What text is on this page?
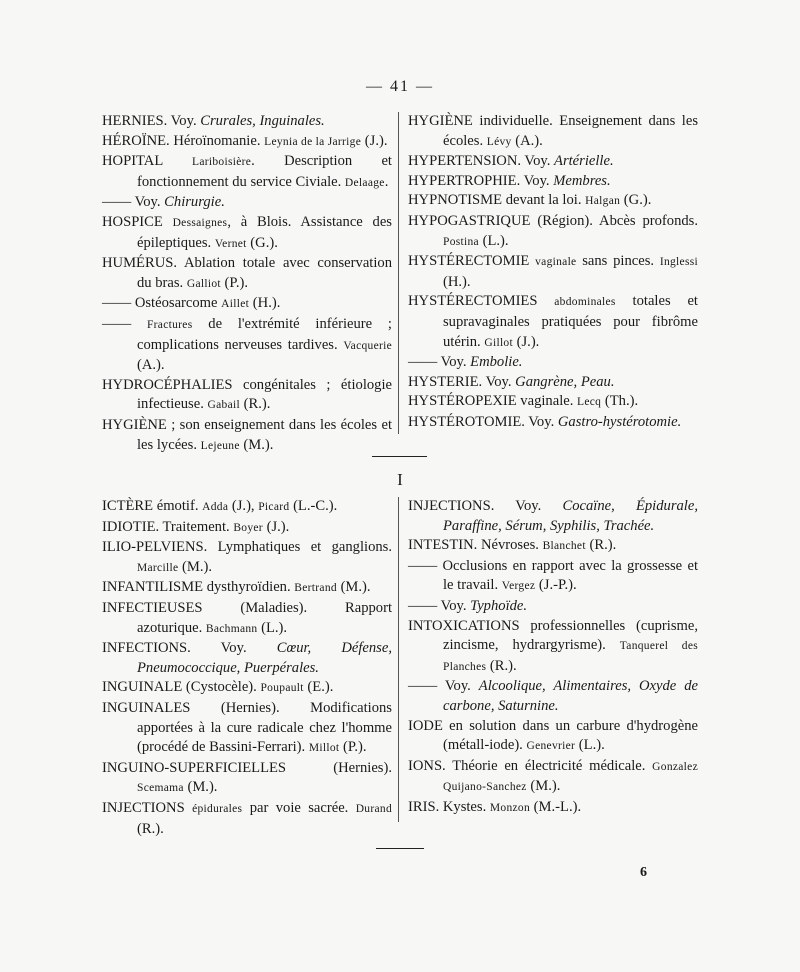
— 41 —

HERNIES. Voy. Crurales, Inguinales.

HÉROÏNE. Héroïnomanie. Leynia de la Jarrige (J.).

HOPITAL Lariboisière. Description et fonctionnement du service Civiale. Delaage.

—— Voy. Chirurgie.

HOSPICE Dessaignes, à Blois. Assistance des épileptiques. Vernet (G.).

HUMÉRUS. Ablation totale avec conservation du bras. Galliot (P.).

—— Ostéosarcome Aillet (H.).

—— Fractures de l'extrémité inférieure ; complications nerveuses tardives. Vacquerie (A.).

HYDROCÉPHALIES congénitales ; étiologie infectieuse. Gabail (R.).

HYGIÈNE ; son enseignement dans les écoles et les lycées. Lejeune (M.).

HYGIÈNE individuelle. Enseignement dans les écoles. Lévy (A.).

HYPERTENSION. Voy. Artérielle.

HYPERTROPHIE. Voy. Membres.

HYPNOTISME devant la loi. Halgan (G.).

HYPOGASTRIQUE (Région). Abcès profonds. Postina (L.).

HYSTÉRECTOMIE vaginale sans pinces. Inglessi (H.).

HYSTÉRECTOMIES abdominales totales et supravaginales pratiquées pour fibrôme utérin. Gillot (J.).

—— Voy. Embolie.

HYSTERIE. Voy. Gangrène, Peau.

HYSTÉROPEXIE vaginale. Lecq (Th.).

HYSTÉROTOMIE. Voy. Gastro-hystérotomie.

I

ICTÈRE émotif. Adda (J.), Picard (L.-C.).

IDIOTIE. Traitement. Boyer (J.).

ILIO-PELVIENS. Lymphatiques et ganglions. Marcille (M.).

INFANTILISME dysthyroïdien. Bertrand (M.).

INFECTIEUSES (Maladies). Rapport azoturique. Bachmann (L.).

INFECTIONS. Voy. Cœur, Défense, Pneumococcique, Puerpérales.

INGUINALE (Cystocèle). Poupault (E.).

INGUINALES (Hernies). Modifications apportées à la cure radicale chez l'homme (procédé de Bassini-Ferrari). Millot (P.).

INGUINO-SUPERFICIELLES (Hernies). Scemama (M.).

INJECTIONS épidurales par voie sacrée. Durand (R.).

INJECTIONS. Voy. Cocaïne, Épidurale, Paraffine, Sérum, Syphilis, Trachée.

INTESTIN. Névroses. Blanchet (R.).

—— Occlusions en rapport avec la grossesse et le travail. Vergez (J.-P.).

—— Voy. Typhoïde.

INTOXICATIONS professionnelles (cuprisme, zincisme, hydrargyrisme). Tanquerel des Planches (R.).

—— Voy. Alcoolique, Alimentaires, Oxyde de carbone, Saturnine.

IODE en solution dans un carbure d'hydrogène (métall-iode). Genevrier (L.).

IONS. Théorie en électricité médicale. Gonzalez Quijano-Sanchez (M.).

IRIS. Kystes. Monzon (M.-L.).

6
